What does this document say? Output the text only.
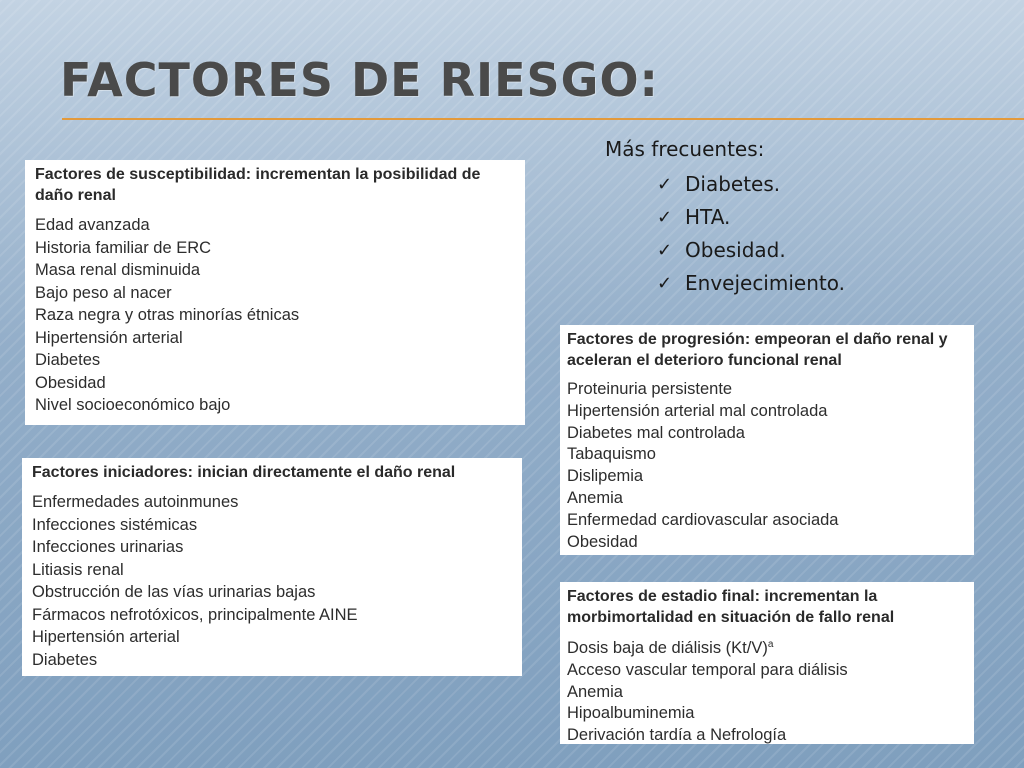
FACTORES DE RIESGO:

Más frecuentes:

✓ Diabetes.
✓ HTA.
✓ Obesidad.
✓ Envejecimiento.

Factores de susceptibilidad: incrementan la posibilidad de daño renal

Edad avanzada
Historia familiar de ERC
Masa renal disminuida
Bajo peso al nacer
Raza negra y otras minorías étnicas
Hipertensión arterial
Diabetes
Obesidad
Nivel socioeconómico bajo

Factores iniciadores: inician directamente el daño renal

Enfermedades autoinmunes
Infecciones sistémicas
Infecciones urinarias
Litiasis renal
Obstrucción de las vías urinarias bajas
Fármacos nefrotóxicos, principalmente AINE
Hipertensión arterial
Diabetes

Factores de progresión: empeoran el daño renal y aceleran el deterioro funcional renal

Proteinuria persistente
Hipertensión arterial mal controlada
Diabetes mal controlada
Tabaquismo
Dislipemia
Anemia
Enfermedad cardiovascular asociada
Obesidad

Factores de estadio final: incrementan la morbimortalidad en situación de fallo renal

Dosis baja de diálisis $(Kt/V)^a$
Acceso vascular temporal para diálisis
Anemia
Hipoalbuminemia
Derivación tardía a Nefrología
